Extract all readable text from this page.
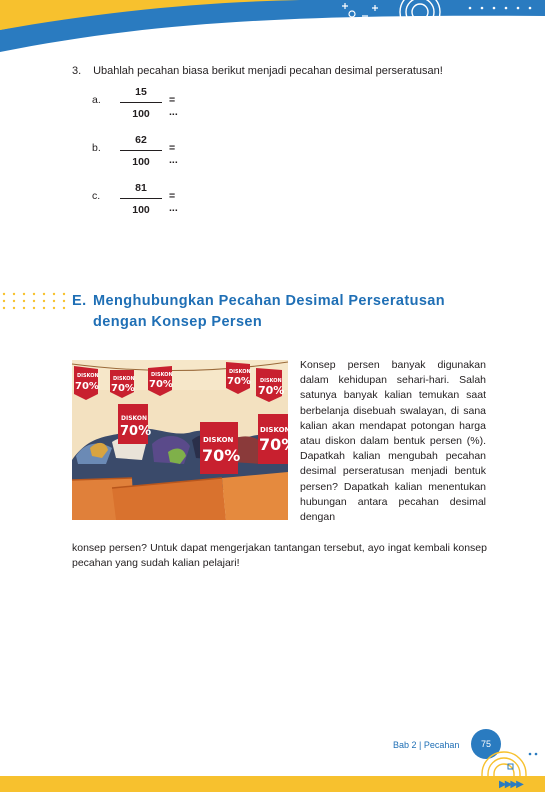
3. Ubahlah pecahan biasa berikut menjadi pecahan desimal perseratusan!
a.
15
100
= ...
b.
62
100
= ...
c.
81
100
= ...
E. Menghubungkan Pecahan Desimal Perseratusan
dengan Konsep Persen
DISKON
70%
DISKON
70%
DISKON
70%
DISKON
70% DISKON
70%
DISKON
70%
DISKON
70%
DISKON
70%

Konsep persen banyak digunakan dalam kehidupan sehari-hari. Salah satunya banyak kalian temukan saat berbelanja disebuah swalayan, di sana kalian akan mendapat potongan harga atau diskon dalam bentuk persen (%). Dapatkah kalian mengubah pecahan desimal perseratusan menjadi bentuk persen? Dapatkah kalian menentukan hubungan antara pecahan desimal dengan

konsep persen? Untuk dapat mengerjakan tantangan tersebut, ayo ingat kembali konsep pecahan yang sudah kalian pelajari!

Bab 2 | Pecahan	75
▶▶▶▶
